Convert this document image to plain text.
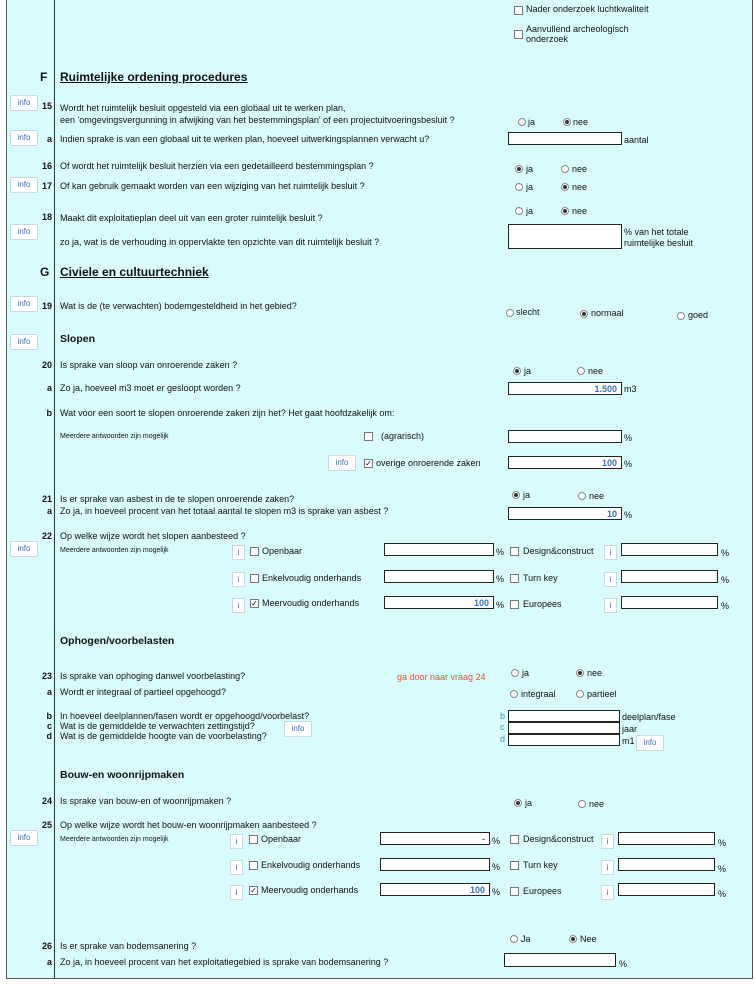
Nader onderzoek luchtkwaliteit
Aanvullend archeologisch
onderzoek
F Ruimtelijke ordening procedures
info	15 Wordt het ruimtelijk besluit opgesteld via een globaal uit te werken plan,
een 'omgevingsvergunning in afwijking van het bestemmingsplan' of een projectuitvoeringsbesluit ?	ja	nee
info	a Indien sprake is van een globaal uit te werken plan, hoeveel uitwerkingsplannen verwacht u?	aantal
16 Of wordt het ruimtelijk besluit herzien via een gedetailleerd bestemmingsplan ?	ja	nee
info	17 Of kan gebruik gemaakt worden van een wijziging van het ruimtelijk besluit ?	ja	nee
18 Maakt dit exploitatieplan deel uit van een groter ruimtelijk besluit ?
ja	nee
info
zo ja, wat is de verhouding in oppervlakte ten opzichte van dit ruimtelijk besluit ?
% van het totale
ruimtelijke besluit
G Civiele en cultuurtechniek
info	19 Wat is de (te verwachten) bodemgesteldheid in het gebied?
slecht	normaal	goed
info	Slopen
20 Is sprake van sloop van onroerende zaken ?
ja	nee
a Zo ja, hoeveel m3 moet er gesloopt worden ?	1.500 m3
b Wat voor een soort te slopen onroerende zaken zijn het? Het gaat hoofdzakelijk om:
Meerdere antwoorden zijn mogelijk	(agrarisch)	%
info	✓ overige onroerende zaken	100 %
21 Is er sprake van asbest in de te slopen onroerende zaken?	ja	nee
a Zo ja, in hoeveel procent van het totaal aantal te slopen m3 is sprake van asbest ?	10 %
22 Op welke wijze wordt het slopen aanbesteed ?
info	Meerdere antwoorden zijn mogelijk	i	Openbaar	% Design&construct	i	%
i	Enkelvoudig onderhands	% Turn key	i	%
i	✓ Meervoudig onderhands	100 % Europees	i	%
Ophogen/voorbelasten
23 Is sprake van ophoging danwel voorbelasting?	ga door naar vraag 24	ja	nee
a Wordt er integraal of partieel opgehoogd?	integraal	partieel
b
c
d
In hoeveel deelplannen/fasen wordt er opgehoogd/voorbelast?
Wat is de gemiddelde te verwachten zettingstijd?
Wat is de gemiddelde hoogte van de voorbelasting?
info
b	deelplan/fase
c	jaar
d	m1	info
Bouw-en woonrijpmaken
24 Is sprake van bouw-en of woonrijpmaken ?	ja	nee
25 Op welke wijze wordt het bouw-en woonrijpmaken aanbesteed ?
info	Meerdere antwoorden zijn mogelijk	i	Openbaar	- %	Design&construct	i	%
i	Enkelvoudig onderhands	%	Turn key	i	%
i	✓ Meervoudig onderhands	100 %	Europees	i	%
26 Is er sprake van bodemsanering ?
Ja	Nee
a Zo ja, in hoeveel procent van het exploitatiegebied is sprake van bodemsanering ?	%
